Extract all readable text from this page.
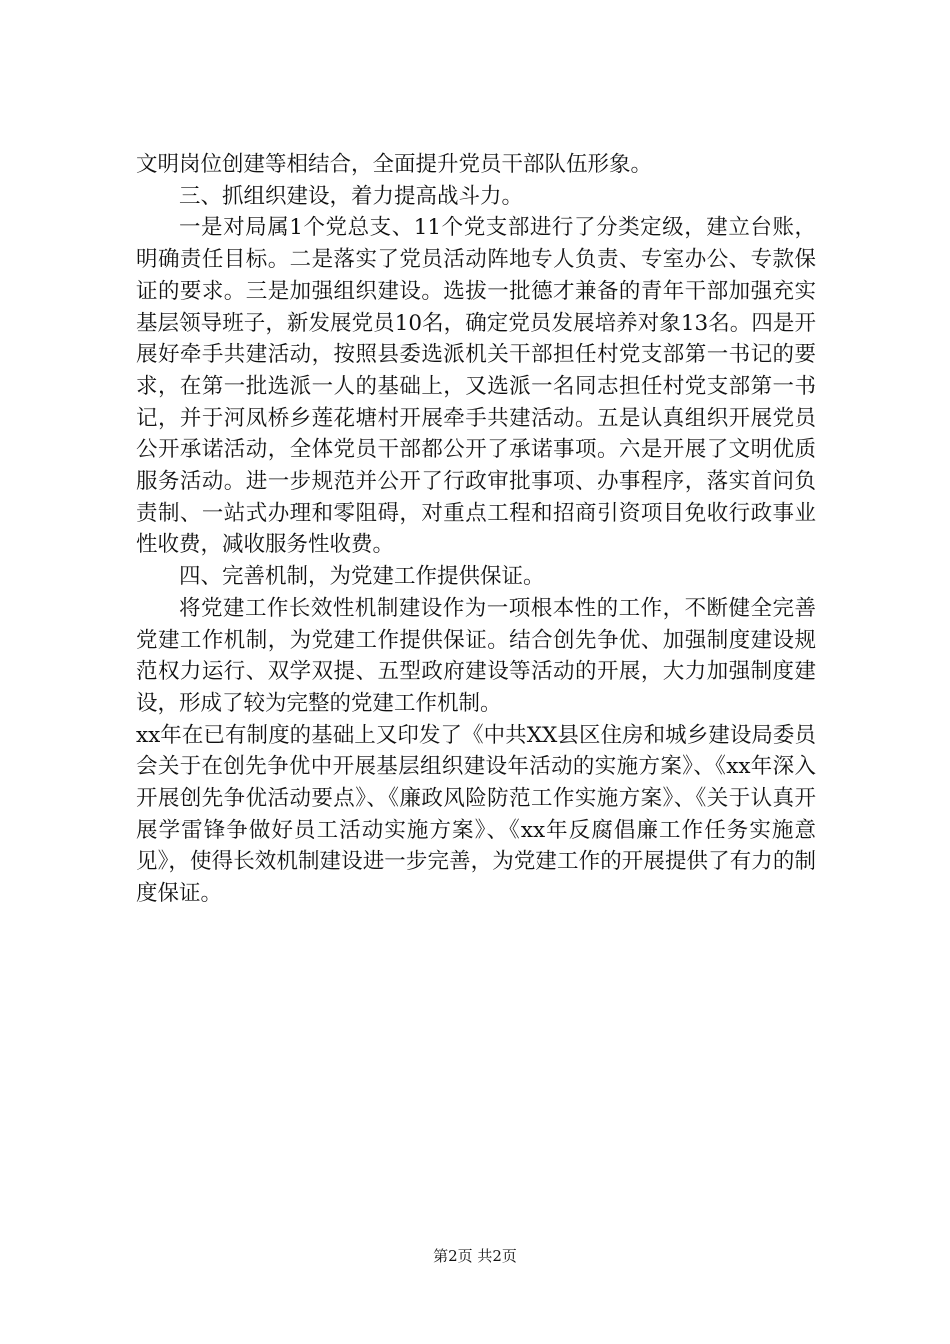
文明岗位创建等相结合，全面提升党员干部队伍形象。

三、抓组织建设，着力提高战斗力。

一是对局属1个党总支、11个党支部进行了分类定级，建立台账，明确责任目标。二是落实了党员活动阵地专人负责、专室办公、专款保证的要求。三是加强组织建设。选拔一批德才兼备的青年干部加强充实基层领导班子，新发展党员10名，确定党员发展培养对象13名。四是开展好牵手共建活动，按照县委选派机关干部担任村党支部第一书记的要求，在第一批选派一人的基础上，又选派一名同志担任村党支部第一书记，并于河凤桥乡莲花塘村开展牵手共建活动。五是认真组织开展党员公开承诺活动，全体党员干部都公开了承诺事项。六是开展了文明优质服务活动。进一步规范并公开了行政审批事项、办事程序，落实首问负责制、一站式办理和零阻碍，对重点工程和招商引资项目免收行政事业性收费，减收服务性收费。

四、完善机制，为党建工作提供保证。

将党建工作长效性机制建设作为一项根本性的工作，不断健全完善党建工作机制，为党建工作提供保证。结合创先争优、加强制度建设规范权力运行、双学双提、五型政府建设等活动的开展，大力加强制度建设，形成了较为完整的党建工作机制。

xx年在已有制度的基础上又印发了《中共XX县区住房和城乡建设局委员会关于在创先争优中开展基层组织建设年活动的实施方案》、《xx年深入开展创先争优活动要点》、《廉政风险防范工作实施方案》、《关于认真开展学雷锋争做好员工活动实施方案》、《xx年反腐倡廉工作任务实施意见》，使得长效机制建设进一步完善，为党建工作的开展提供了有力的制度保证。

第2页 共2页
